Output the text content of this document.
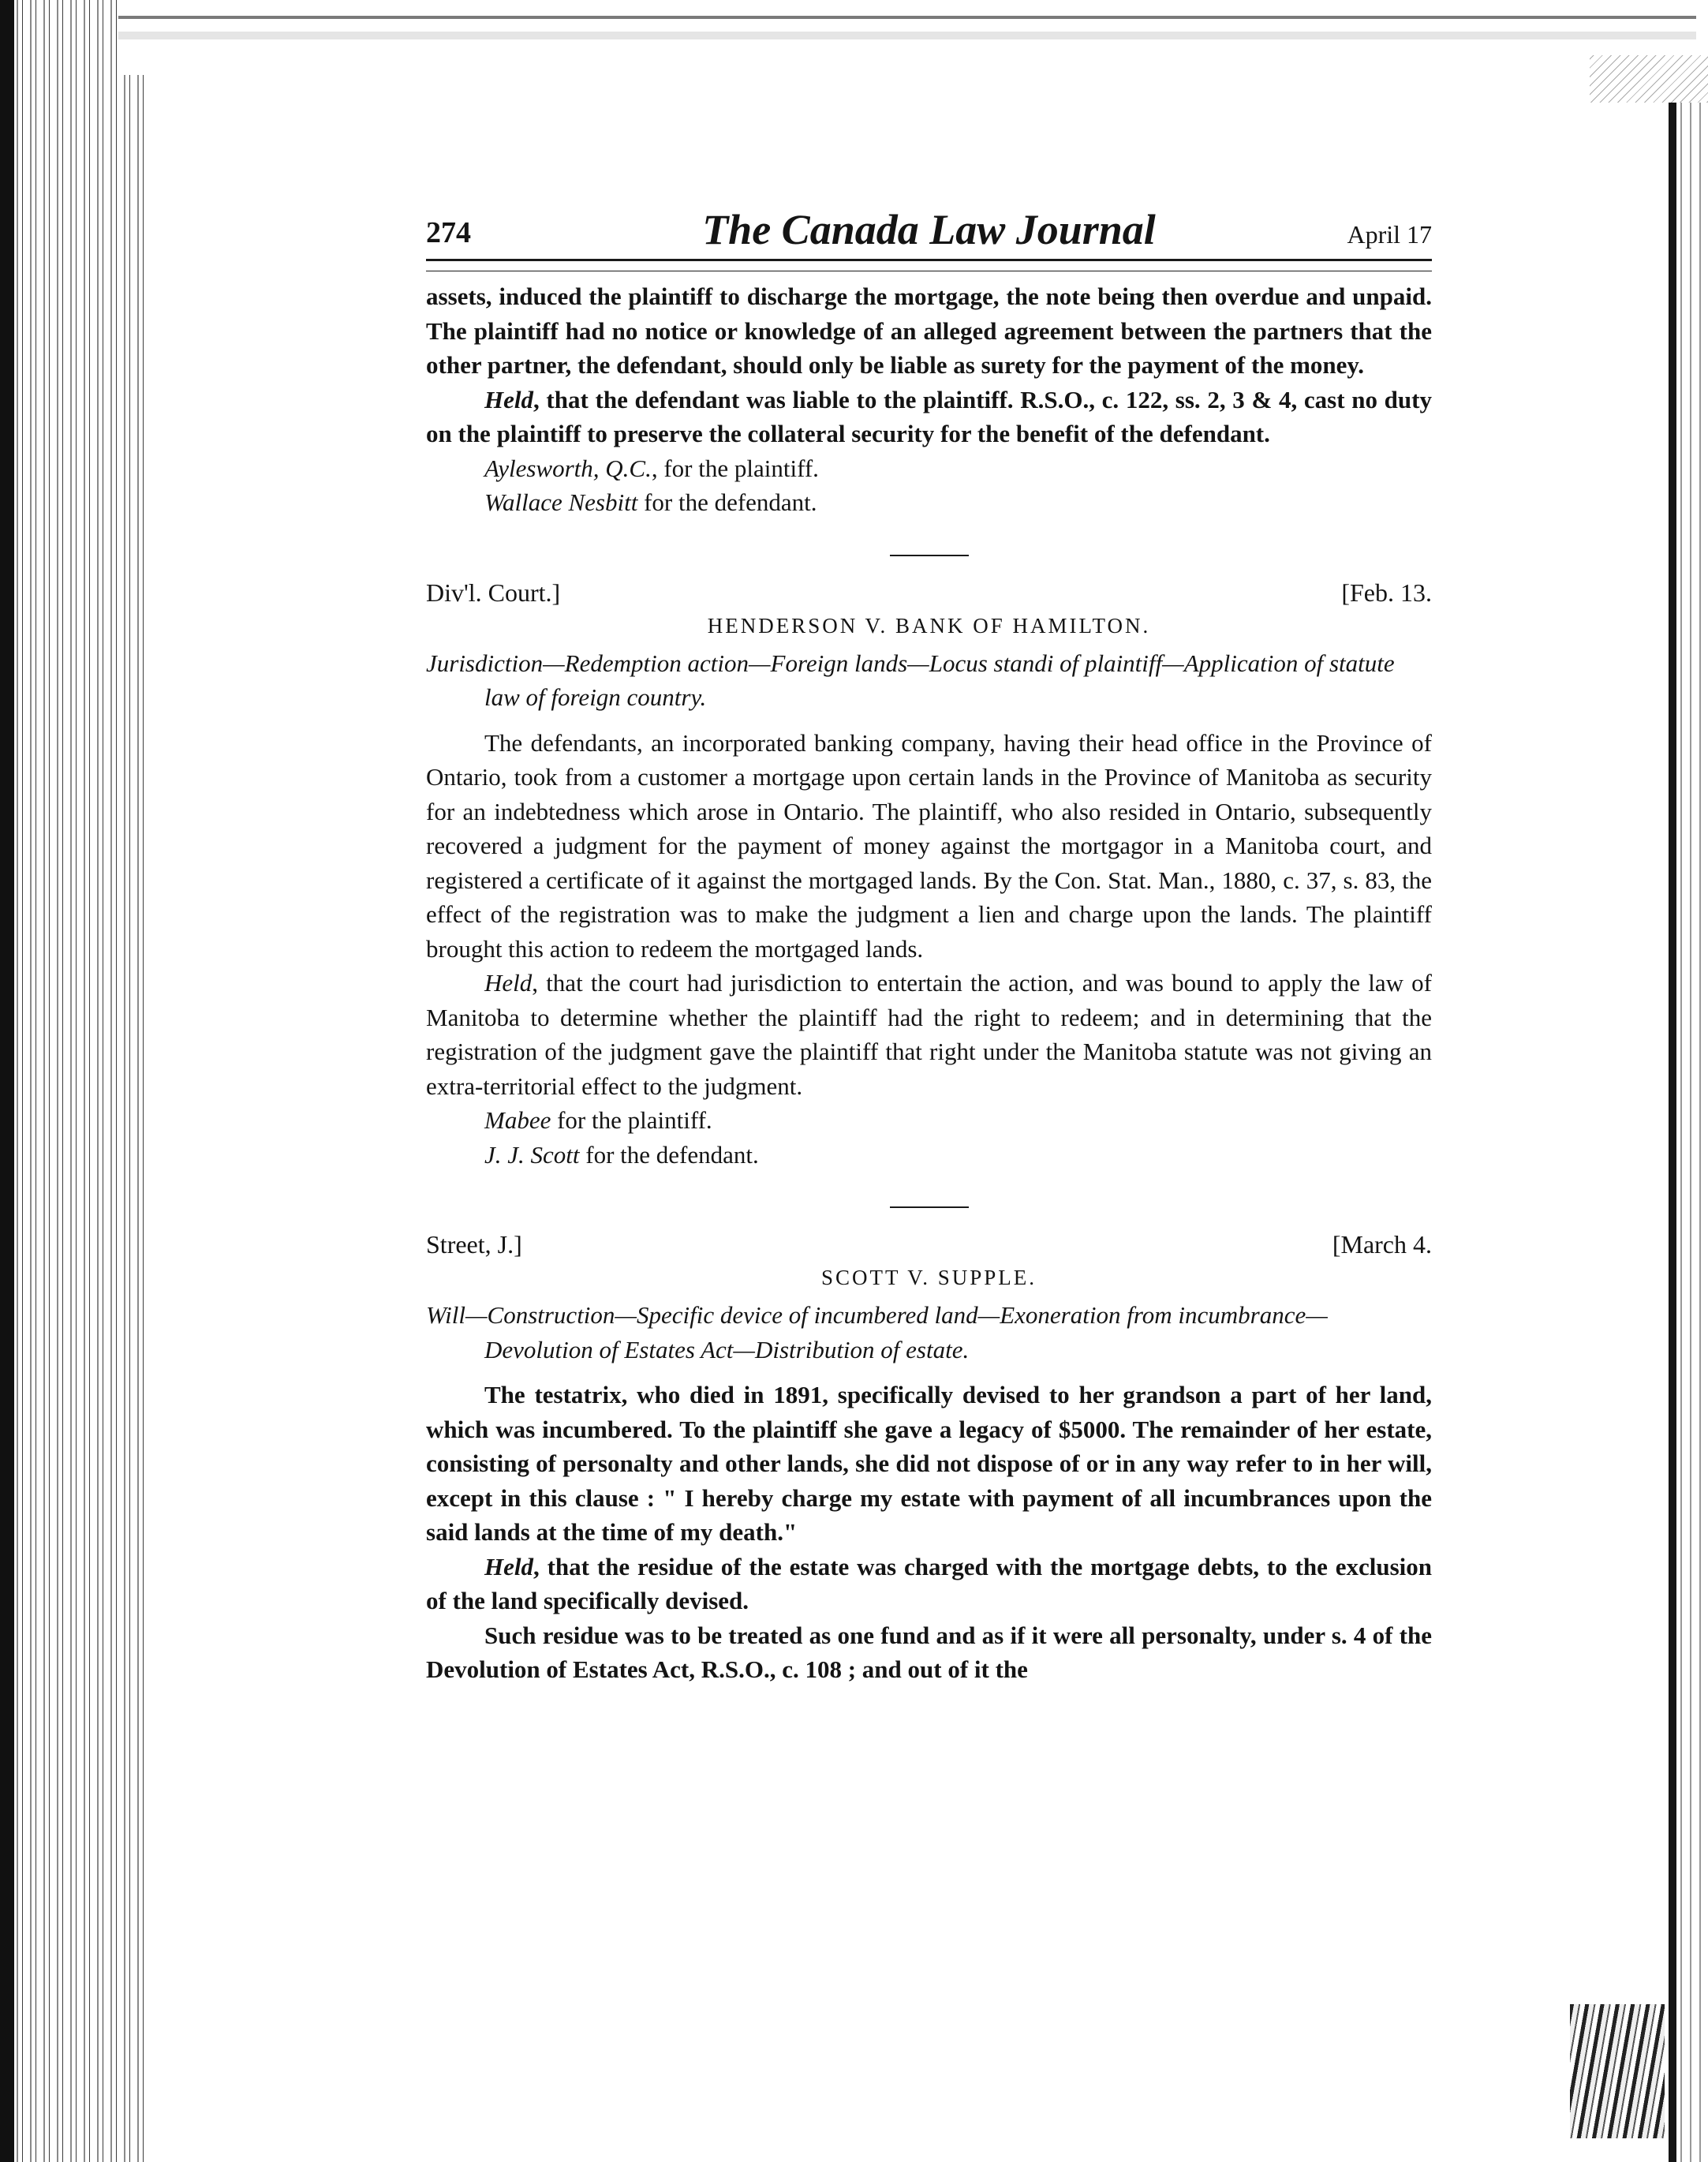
274	The Canada Law Journal	April 17

assets, induced the plaintiff to discharge the mortgage, the note being then overdue and unpaid. The plaintiff had no notice or knowledge of an alleged agreement between the partners that the other partner, the defendant, should only be liable as surety for the payment of the money.

Held, that the defendant was liable to the plaintiff. R.S.O., c. 122, ss. 2, 3 & 4, cast no duty on the plaintiff to preserve the collateral security for the benefit of the defendant.

Aylesworth, Q.C., for the plaintiff.

Wallace Nesbitt for the defendant.

Div'l. Court.]	[Feb. 13.
HENDERSON V. BANK OF HAMILTON.
Jurisdiction—Redemption action—Foreign lands—Locus standi of plaintiff—Application of statute law of foreign country.

The defendants, an incorporated banking company, having their head office in the Province of Ontario, took from a customer a mortgage upon certain lands in the Province of Manitoba as security for an indebtedness which arose in Ontario. The plaintiff, who also resided in Ontario, subsequently recovered a judgment for the payment of money against the mortgagor in a Manitoba court, and registered a certificate of it against the mortgaged lands. By the Con. Stat. Man., 1880, c. 37, s. 83, the effect of the registration was to make the judgment a lien and charge upon the lands. The plaintiff brought this action to redeem the mortgaged lands.

Held, that the court had jurisdiction to entertain the action, and was bound to apply the law of Manitoba to determine whether the plaintiff had the right to redeem; and in determining that the registration of the judgment gave the plaintiff that right under the Manitoba statute was not giving an extra-territorial effect to the judgment.

Mabee for the plaintiff.

J. J. Scott for the defendant.

Street, J.]	[March 4.
SCOTT V. SUPPLE.
Will—Construction—Specific device of incumbered land—Exoneration from incumbrance—Devolution of Estates Act—Distribution of estate.

The testatrix, who died in 1891, specifically devised to her grandson a part of her land, which was incumbered. To the plaintiff she gave a legacy of $5000. The remainder of her estate, consisting of personalty and other lands, she did not dispose of or in any way refer to in her will, except in this clause : " I hereby charge my estate with payment of all incumbrances upon the said lands at the time of my death."

Held, that the residue of the estate was charged with the mortgage debts, to the exclusion of the land specifically devised.

Such residue was to be treated as one fund and as if it were all personalty, under s. 4 of the Devolution of Estates Act, R.S.O., c. 108 ; and out of it the
